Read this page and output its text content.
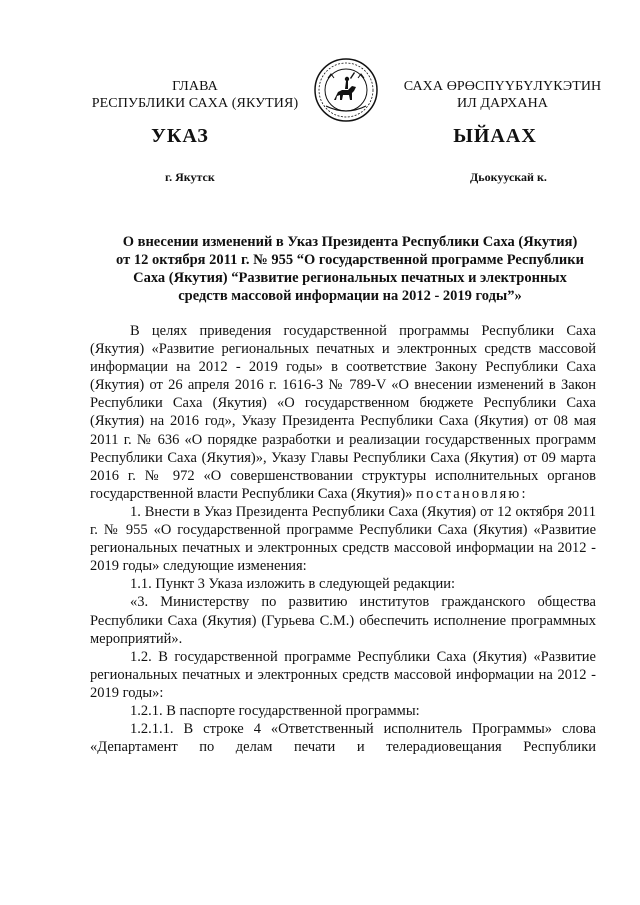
ГЛАВА
РЕСПУБЛИКИ САХА (ЯКУТИЯ)
САХА ӨРӨСПҮҮБҮЛҮКЭТИН
ИЛ ДАРХАНА
УКАЗ	ЫЙААХ
г. Якутск	Дьокуускай к.
О внесении изменений в Указ Президента Республики Саха (Якутия)
от 12 октября 2011 г. № 955 “О государственной программе Республики
Саха (Якутия) “Развитие региональных печатных и электронных
средств массовой информации на 2012 - 2019 годы”»

В целях приведения государственной программы Республики Саха (Якутия) «Развитие региональных печатных и электронных средств массовой информации на 2012 - 2019 годы» в соответствие Закону Республики Саха (Якутия) от 26 апреля 2016 г. 1616-З № 789-V «О внесении изменений в Закон Республики Саха (Якутия) «О государственном бюджете Республики Саха (Якутия) на 2016 год», Указу Президента Республики Саха (Якутия) от 08 мая 2011 г. № 636 «О порядке разработки и реализации государственных программ Республики Саха (Якутия)», Указу Главы Республики Саха (Якутия) от 09 марта 2016 г. № 972 «О совершенствовании структуры исполнительных органов государственной власти Республики Саха (Якутия)» постановляю:

1. Внести в Указ Президента Республики Саха (Якутия) от 12 октября 2011 г. № 955 «О государственной программе Республики Саха (Якутия) «Развитие региональных печатных и электронных средств массовой информации на 2012 - 2019 годы» следующие изменения:

1.1. Пункт 3 Указа изложить в следующей редакции:

«3. Министерству по развитию институтов гражданского общества Республики Саха (Якутия) (Гурьева С.М.) обеспечить исполнение программных мероприятий».

1.2. В государственной программе Республики Саха (Якутия) «Развитие региональных печатных и электронных средств массовой информации на 2012 - 2019 годы»:

1.2.1. В паспорте государственной программы:

1.2.1.1. В строке 4 «Ответственный исполнитель Программы» слова «Департамент по делам печати и телерадиовещания Республики
